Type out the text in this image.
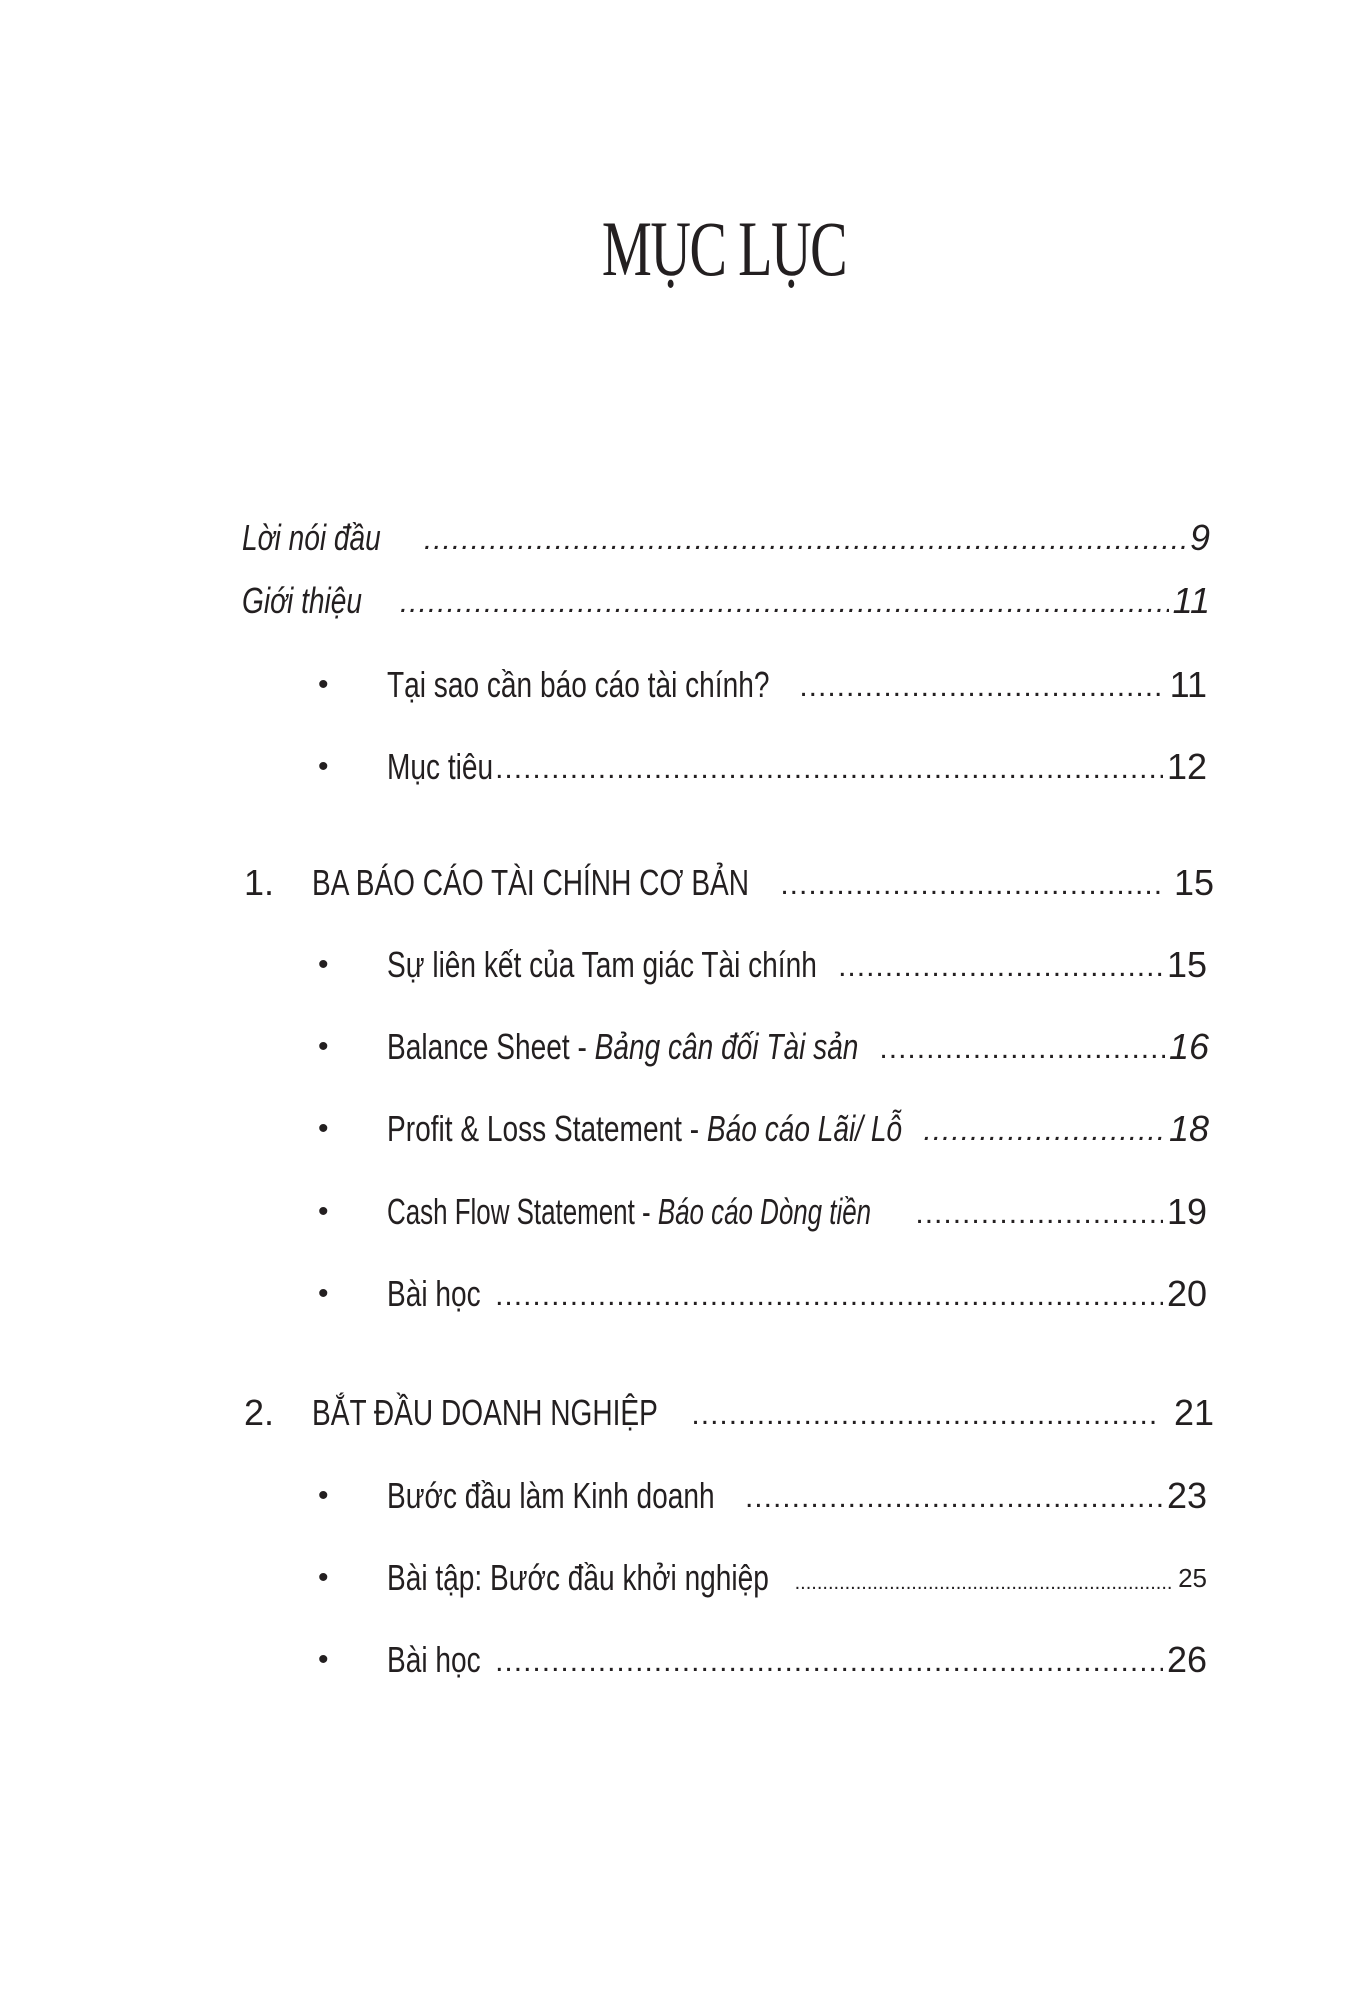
MỤC LỤC
Lời nói đầu .....	9
Giới thiệu .....	11
• Tại sao cần báo cáo tài chính? .....	11
• Mục tiêu .....	12
1. BA BÁO CÁO TÀI CHÍNH CƠ BẢN .....	15
• Sự liên kết của Tam giác Tài chính .....	15
• Balance Sheet - Bảng cân đối Tài sản .....	16
• Profit & Loss Statement - Báo cáo Lãi/ Lỗ .....	18
• Cash Flow Statement - Báo cáo Dòng tiền .....	19
• Bài học .....	20
2. BẮT ĐẦU DOANH NGHIỆP .....	21
• Bước đầu làm Kinh doanh .....	23
• Bài tập: Bước đầu khởi nghiệp .....	25
• Bài học .....	26
